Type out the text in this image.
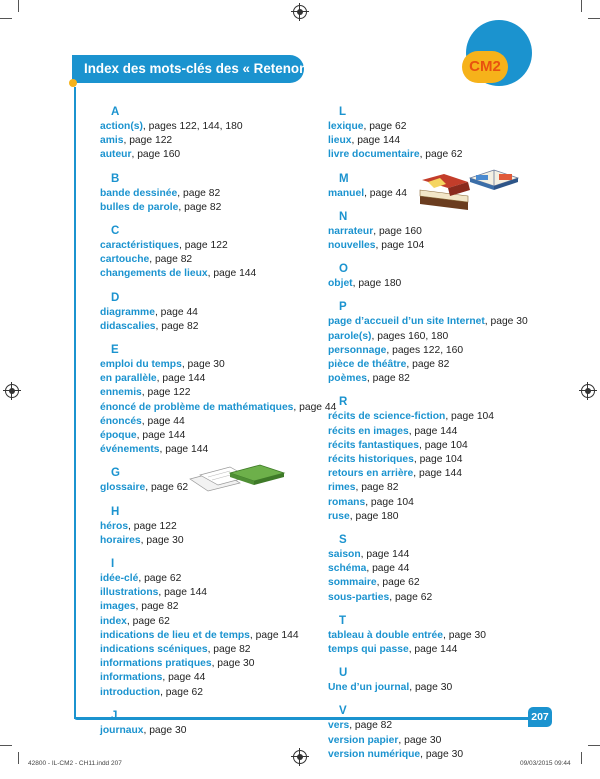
Index des mots-clés des « Retenons »	CM2
207
A
action(s), pages 122, 144, 180
amis, page 122
auteur, page 160
B
bande dessinée, page 82
bulles de parole, page 82
C
caractéristiques, page 122
cartouche, page 82
changements de lieux, page 144
D
diagramme, page 44
didascalies, page 82
E
emploi du temps, page 30
en parallèle, page 144
ennemis, page 122
énoncé de problème de mathématiques, page 44
énoncés, page 44
époque, page 144
événements, page 144
G
glossaire, page 62
H
héros, page 122
horaires, page 30
I
idée-clé, page 62
illustrations, page 144
images, page 82
index, page 62
indications de lieu et de temps, page 144
indications scéniques, page 82
informations pratiques, page 30
informations, page 44
introduction, page 62
J
journaux, page 30
L
lexique, page 62
lieux, page 144
livre documentaire, page 62
M
manuel, page 44
N
narrateur, page 160
nouvelles, page 104
O
objet, page 180
P
page d’accueil d’un site Internet, page 30
parole(s), pages 160, 180
personnage, pages 122, 160
pièce de théâtre, page 82
poèmes, page 82
R
récits de science-fiction, page 104
récits en images, page 144
récits fantastiques, page 104
récits historiques, page 104
retours en arrière, page 144
rimes, page 82
romans, page 104
ruse, page 180
S
saison, page 144
schéma, page 44
sommaire, page 62
sous-parties, page 62
T
tableau à double entrée, page 30
temps qui passe, page 144
U
Une d’un journal, page 30
V
vers, page 82
version papier, page 30
version numérique, page 30
42800 - IL-CM2 - CH11.indd 207	09/03/2015 09:44
